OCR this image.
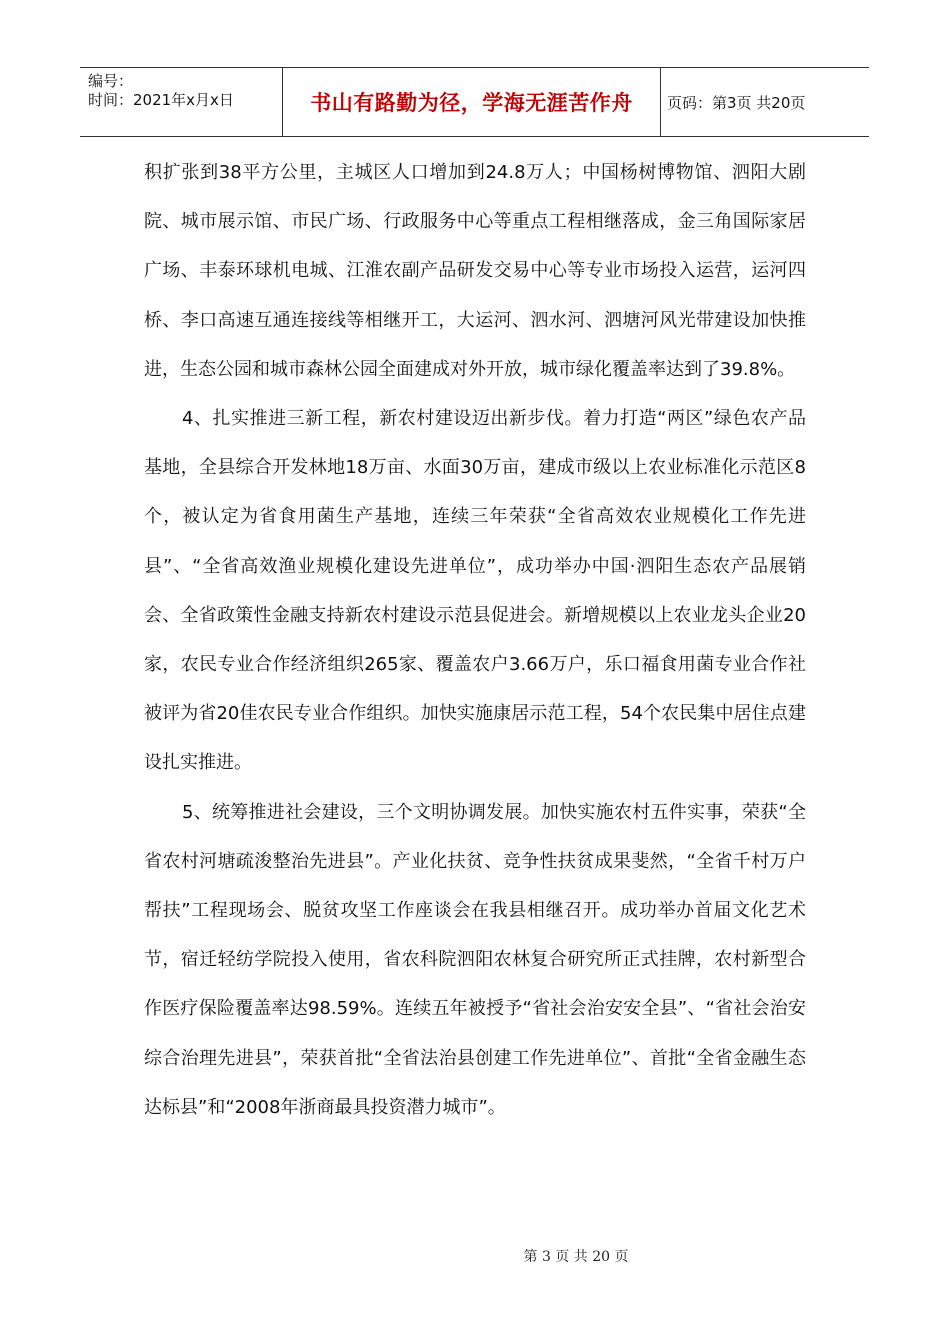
编号：
时间：2021年x月x日	书山有路勤为径，学海无涯苦作舟	页码：第3页 共20页

积扩张到38平方公里，主城区人口增加到24.8万人；中国杨树博物馆、泗阳大剧院、城市展示馆、市民广场、行政服务中心等重点工程相继落成，金三角国际家居广场、丰泰环球机电城、江淮农副产品研发交易中心等专业市场投入运营，运河四桥、李口高速互通连接线等相继开工，大运河、泗水河、泗塘河风光带建设加快推进，生态公园和城市森林公园全面建成对外开放，城市绿化覆盖率达到了39.8%。

4、扎实推进三新工程，新农村建设迈出新步伐。着力打造“两区”绿色农产品基地，全县综合开发林地18万亩、水面30万亩，建成市级以上农业标准化示范区8个，被认定为省食用菌生产基地，连续三年荣获“全省高效农业规模化工作先进县”、“全省高效渔业规模化建设先进单位”，成功举办中国·泗阳生态农产品展销会、全省政策性金融支持新农村建设示范县促进会。新增规模以上农业龙头企业20家，农民专业合作经济组织265家、覆盖农户3.66万户，乐口福食用菌专业合作社被评为省20佳农民专业合作组织。加快实施康居示范工程，54个农民集中居住点建设扎实推进。

5、统筹推进社会建设，三个文明协调发展。加快实施农村五件实事，荣获“全省农村河塘疏浚整治先进县”。产业化扶贫、竞争性扶贫成果斐然，“全省千村万户帮扶”工程现场会、脱贫攻坚工作座谈会在我县相继召开。成功举办首届文化艺术节，宿迁轻纺学院投入使用，省农科院泗阳农林复合研究所正式挂牌，农村新型合作医疗保险覆盖率达98.59%。连续五年被授予“省社会治安安全县”、“省社会治安综合治理先进县”，荣获首批“全省法治县创建工作先进单位”、首批“全省金融生态达标县”和“2008年浙商最具投资潜力城市”。

第 3 页 共 20 页
